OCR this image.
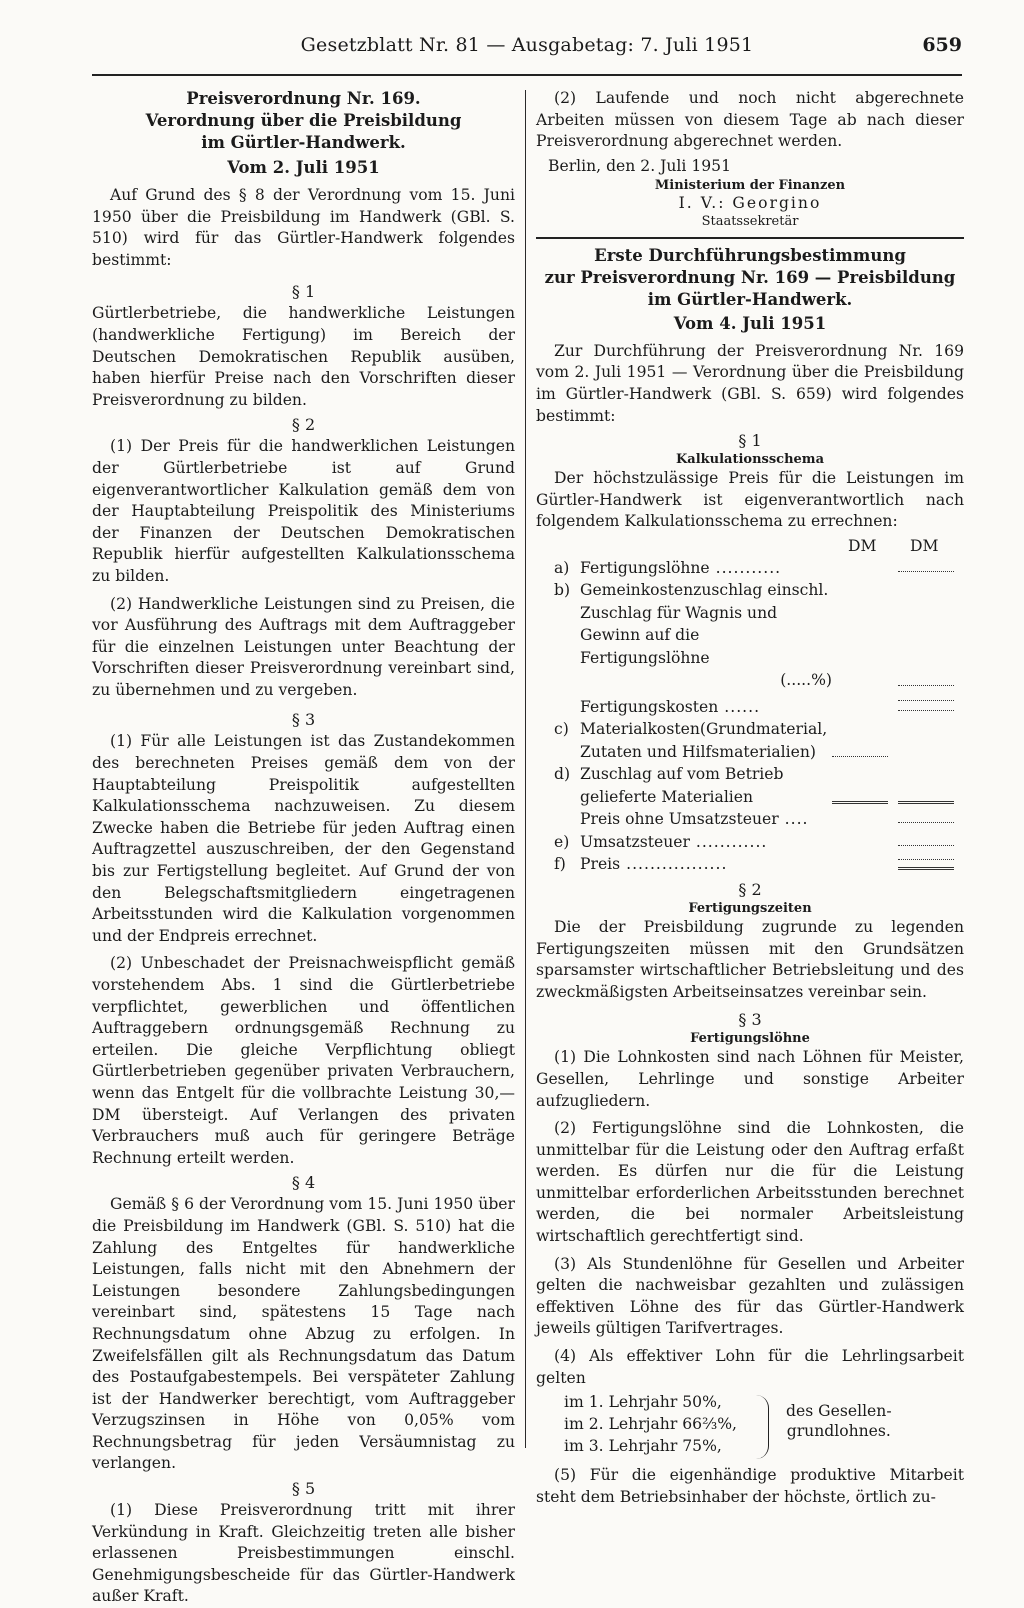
Gesetzblatt Nr. 81 — Ausgabetag: 7. Juli 1951	659

Preisverordnung Nr. 169.

Verordnung über die Preisbildung

im Gürtler-Handwerk.

Vom 2. Juli 1951

Auf Grund des § 8 der Verordnung vom 15. Juni 1950 über die Preisbildung im Handwerk (GBl. S. 510) wird für das Gürtler-Handwerk folgendes bestimmt:

§ 1

Gürtlerbetriebe, die handwerkliche Leistungen (handwerkliche Fertigung) im Bereich der Deutschen Demokratischen Republik ausüben, haben hierfür Preise nach den Vorschriften dieser Preisverordnung zu bilden.

§ 2

(1) Der Preis für die handwerklichen Leistungen der Gürtlerbetriebe ist auf Grund eigenverantwortlicher Kalkulation gemäß dem von der Hauptabteilung Preispolitik des Ministeriums der Finanzen der Deutschen Demokratischen Republik hierfür aufgestellten Kalkulationsschema zu bilden.

(2) Handwerkliche Leistungen sind zu Preisen, die vor Ausführung des Auftrags mit dem Auftraggeber für die einzelnen Leistungen unter Beachtung der Vorschriften dieser Preisverordnung vereinbart sind, zu übernehmen und zu vergeben.

§ 3

(1) Für alle Leistungen ist das Zustandekommen des berechneten Preises gemäß dem von der Hauptabteilung Preispolitik aufgestellten Kalkulationsschema nachzuweisen. Zu diesem Zwecke haben die Betriebe für jeden Auftrag einen Auftragzettel auszuschreiben, der den Gegenstand bis zur Fertigstellung begleitet. Auf Grund der von den Belegschaftsmitgliedern eingetragenen Arbeitsstunden wird die Kalkulation vorgenommen und der Endpreis errechnet.

(2) Unbeschadet der Preisnachweispflicht gemäß vorstehendem Abs. 1 sind die Gürtlerbetriebe verpflichtet, gewerblichen und öffentlichen Auftraggebern ordnungsgemäß Rechnung zu erteilen. Die gleiche Verpflichtung obliegt Gürtlerbetrieben gegenüber privaten Verbrauchern, wenn das Entgelt für die vollbrachte Leistung 30,— DM übersteigt. Auf Verlangen des privaten Verbrauchers muß auch für geringere Beträge Rechnung erteilt werden.

§ 4

Gemäß § 6 der Verordnung vom 15. Juni 1950 über die Preisbildung im Handwerk (GBl. S. 510) hat die Zahlung des Entgeltes für handwerkliche Leistungen, falls nicht mit den Abnehmern der Leistungen besondere Zahlungsbedingungen vereinbart sind, spätestens 15 Tage nach Rechnungsdatum ohne Abzug zu erfolgen. In Zweifelsfällen gilt als Rechnungsdatum das Datum des Postaufgabestempels. Bei verspäteter Zahlung ist der Handwerker berechtigt, vom Auftraggeber Verzugszinsen in Höhe von 0,05% vom Rechnungsbetrag für jeden Versäumnistag zu verlangen.

§ 5

(1) Diese Preisverordnung tritt mit ihrer Verkündung in Kraft. Gleichzeitig treten alle bisher erlassenen Preisbestimmungen einschl. Genehmigungsbescheide für das Gürtler-Handwerk außer Kraft.

(2) Laufende und noch nicht abgerechnete Arbeiten müssen von diesem Tage ab nach dieser Preisverordnung abgerechnet werden.

Berlin, den 2. Juli 1951

Ministerium der Finanzen

I. V.: Georgino

Staatssekretär

Erste Durchführungsbestimmung

zur Preisverordnung Nr. 169 — Preisbildung

im Gürtler-Handwerk.

Vom 4. Juli 1951

Zur Durchführung der Preisverordnung Nr. 169 vom 2. Juli 1951 — Verordnung über die Preisbildung im Gürtler-Handwerk (GBl. S. 659) wird folgendes bestimmt:

§ 1

Kalkulationsschema

Der höchstzulässige Preis für die Leistungen im Gürtler-Handwerk ist eigenverantwortlich nach folgendem Kalkulationsschema zu errechnen:

DM DM
a) Fertigungslöhne ...........
b) Gemeinkostenzuschlag einschl. Zuschlag für Wagnis und Gewinn auf die Fertigungslöhne
(.....%)
Fertigungskosten ......
c) Materialkosten(Grundmaterial, Zutaten und Hilfsmaterialien)
d) Zuschlag auf vom Betrieb gelieferte Materialien
Preis ohne Umsatzsteuer ....
e) Umsatzsteuer ............
f) Preis .................

§ 2

Fertigungszeiten

Die der Preisbildung zugrunde zu legenden Fertigungszeiten müssen mit den Grundsätzen sparsamster wirtschaftlicher Betriebsleitung und des zweckmäßigsten Arbeitseinsatzes vereinbar sein.

§ 3

Fertigungslöhne

(1) Die Lohnkosten sind nach Löhnen für Meister, Gesellen, Lehrlinge und sonstige Arbeiter aufzugliedern.

(2) Fertigungslöhne sind die Lohnkosten, die unmittelbar für die Leistung oder den Auftrag erfaßt werden. Es dürfen nur die für die Leistung unmittelbar erforderlichen Arbeitsstunden berechnet werden, die bei normaler Arbeitsleistung wirtschaftlich gerechtfertigt sind.

(3) Als Stundenlöhne für Gesellen und Arbeiter gelten die nachweisbar gezahlten und zulässigen effektiven Löhne des für das Gürtler-Handwerk jeweils gültigen Tarifvertrages.

(4) Als effektiver Lohn für die Lehrlingsarbeit gelten

im 1. Lehrjahr 50%,
im 2. Lehrjahr 66⅔%,
im 3. Lehrjahr 75%,
des Gesellen-
grundlohnes.

(5) Für die eigenhändige produktive Mitarbeit steht dem Betriebsinhaber der höchste, örtlich zu-
